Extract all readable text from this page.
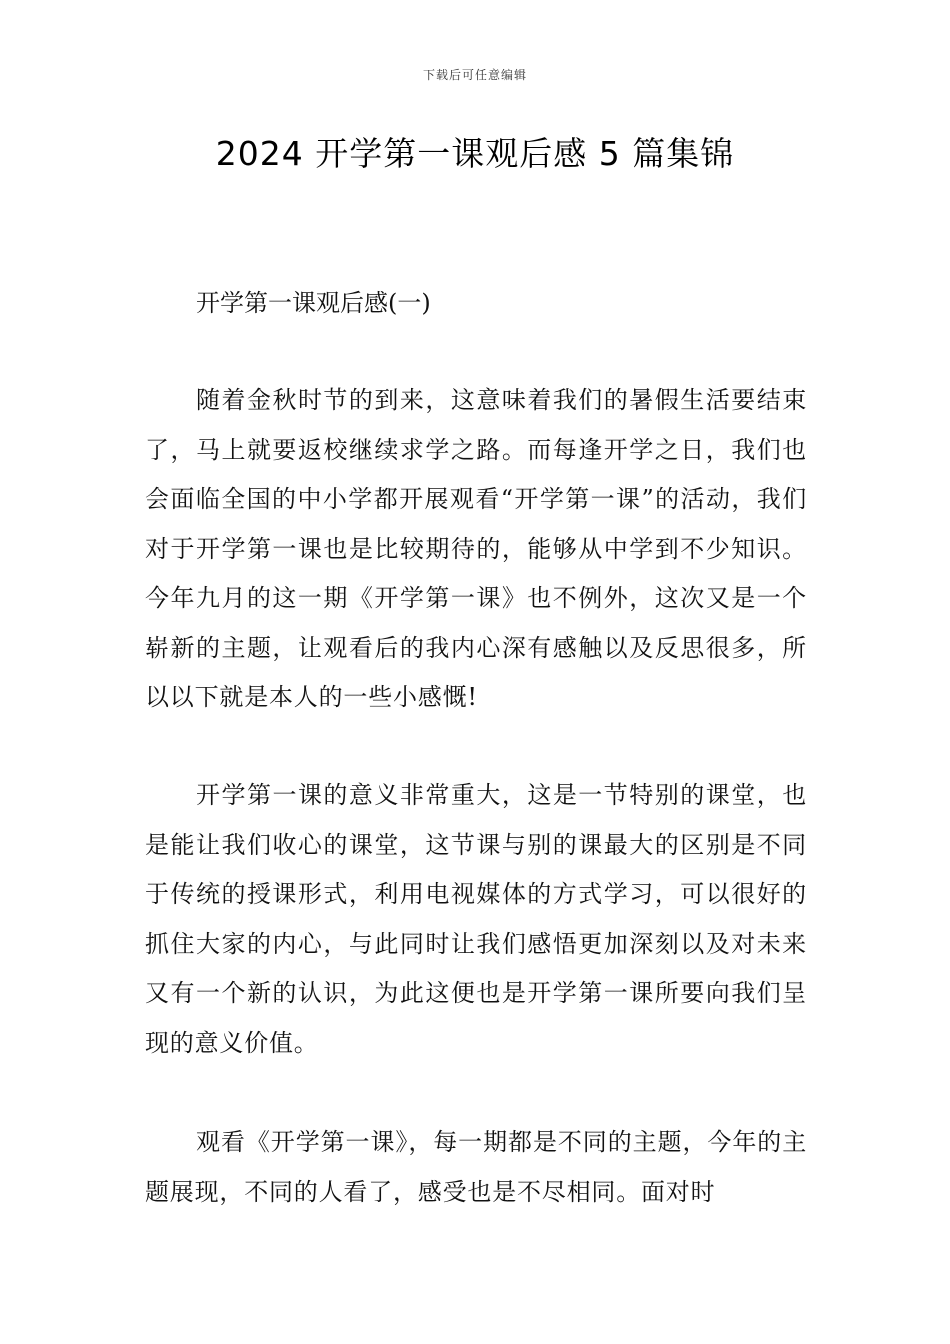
下载后可任意编辑
2024 开学第一课观后感 5 篇集锦
开学第一课观后感(一)

随着金秋时节的到来，这意味着我们的暑假生活要结束了，马上就要返校继续求学之路。而每逢开学之日，我们也会面临全国的中小学都开展观看“开学第一课”的活动，我们对于开学第一课也是比较期待的，能够从中学到不少知识。今年九月的这一期《开学第一课》也不例外，这次又是一个崭新的主题，让观看后的我内心深有感触以及反思很多，所以以下就是本人的一些小感慨!

开学第一课的意义非常重大，这是一节特别的课堂，也是能让我们收心的课堂，这节课与别的课最大的区别是不同于传统的授课形式，利用电视媒体的方式学习，可以很好的抓住大家的内心，与此同时让我们感悟更加深刻以及对未来又有一个新的认识，为此这便也是开学第一课所要向我们呈现的意义价值。

观看《开学第一课》，每一期都是不同的主题，今年的主题展现，不同的人看了，感受也是不尽相同。面对时
